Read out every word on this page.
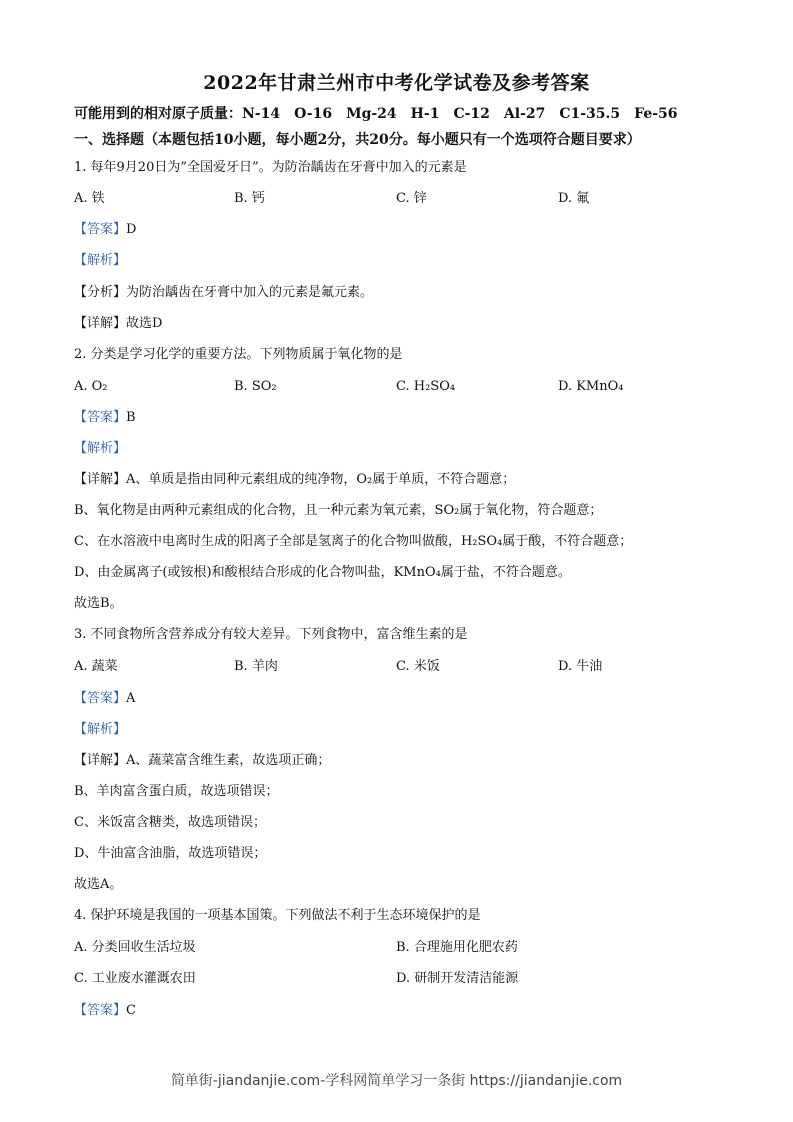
2022年甘肃兰州市中考化学试卷及参考答案
可能用到的相对原子质量：N-14　O-16　Mg-24　H-1　C-12　Al-27　C1-35.5　Fe-56
一、选择题（本题包括10小题，每小题2分，共20分。每小题只有一个选项符合题目要求）
1. 每年9月20日为”全国爱牙日”。为防治龋齿在牙膏中加入的元素是
A. 铁	B. 钙	C. 锌	D. 氟
【答案】D
【解析】
【分析】为防治龋齿在牙膏中加入的元素是氟元素。
【详解】故选D
2. 分类是学习化学的重要方法。下列物质属于氧化物的是
A. O₂	B. SO₂	C. H₂SO₄	D. KMnO₄
【答案】B
【解析】
【详解】A、单质是指由同种元素组成的纯净物，O₂属于单质，不符合题意；
B、氧化物是由两种元素组成的化合物，且一种元素为氧元素，SO₂属于氧化物，符合题意；
C、在水溶液中电离时生成的阳离子全部是氢离子的化合物叫做酸，H₂SO₄属于酸，不符合题意；
D、由金属离子(或铵根)和酸根结合形成的化合物叫盐，KMnO₄属于盐，不符合题意。
故选B。
3. 不同食物所含营养成分有较大差异。下列食物中，富含维生素的是
A. 蔬菜	B. 羊肉	C. 米饭	D. 牛油
【答案】A
【解析】
【详解】A、蔬菜富含维生素，故选项正确；
B、羊肉富含蛋白质，故选项错误；
C、米饭富含糖类，故选项错误；
D、牛油富含油脂，故选项错误；
故选A。
4. 保护环境是我国的一项基本国策。下列做法不利于生态环境保护的是
A. 分类回收生活垃圾	B. 合理施用化肥农药
C. 工业废水灌溉农田	D. 研制开发清洁能源
【答案】C
简单街-jiandanjie.com-学科网简单学习一条街 https://jiandanjie.com
